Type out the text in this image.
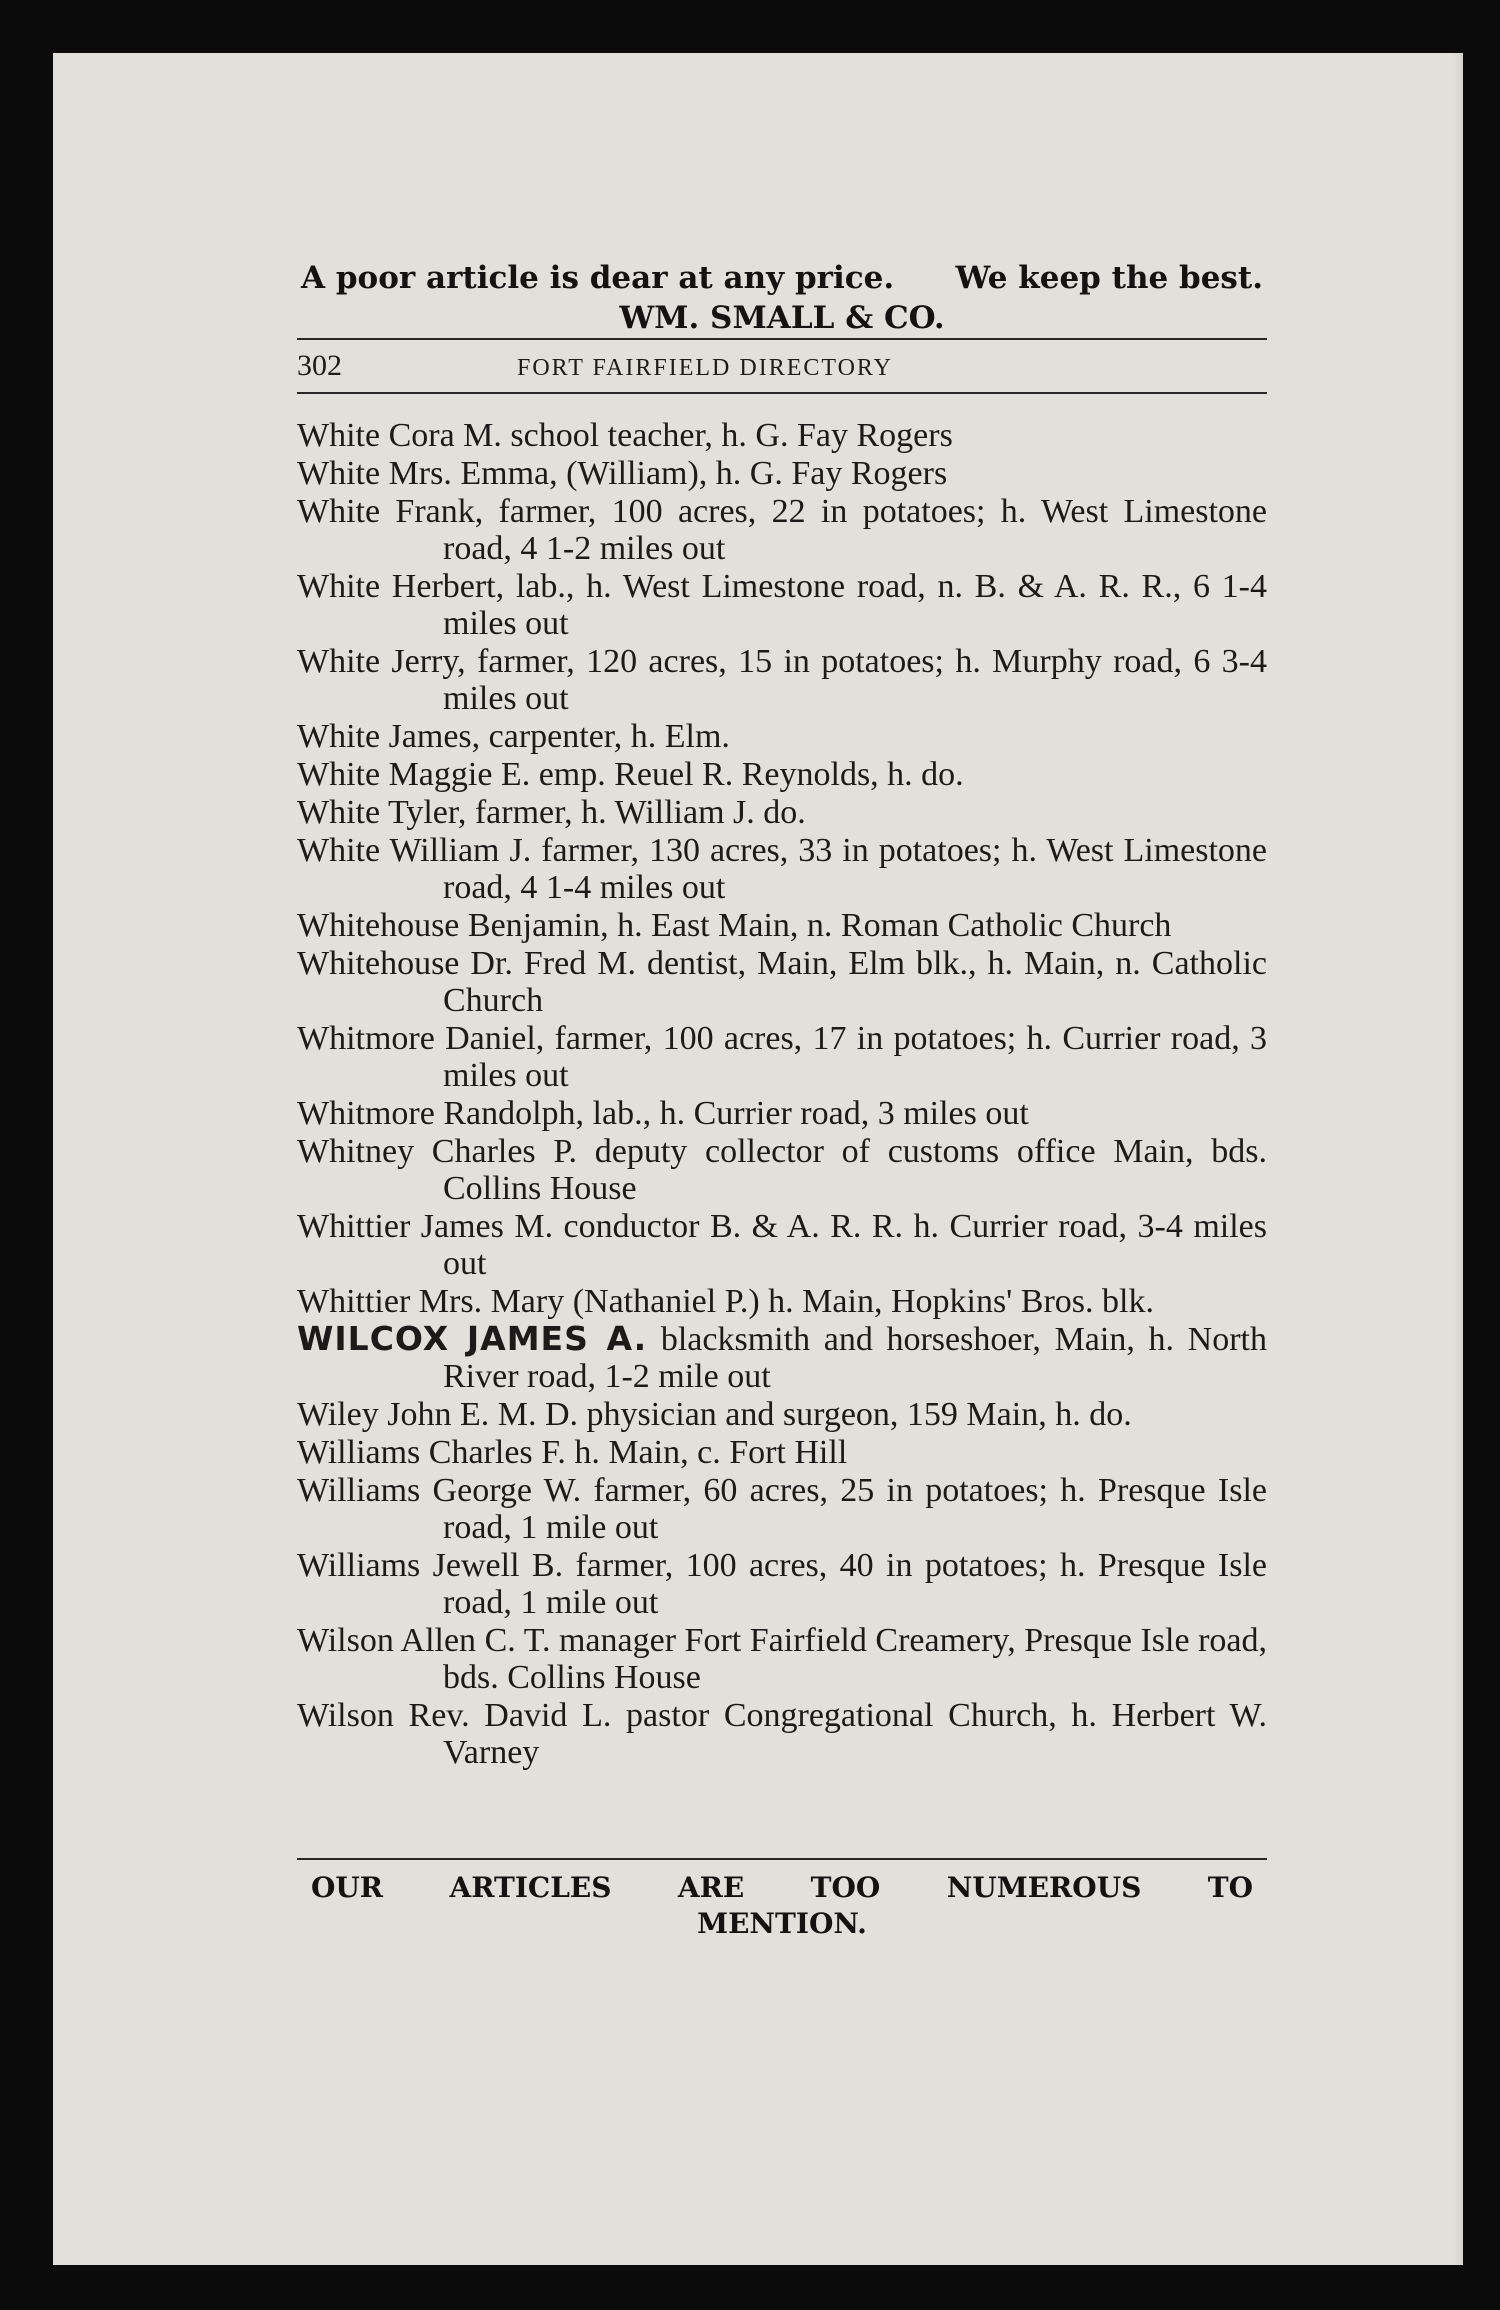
A poor article is dear at any price. We keep the best.
WM. SMALL & CO.
302	FORT FAIRFIELD DIRECTORY
White Cora M. school teacher, h. G. Fay Rogers
White Mrs. Emma, (William), h. G. Fay Rogers
White Frank, farmer, 100 acres, 22 in potatoes; h. West Limestone road, 4 1-2 miles out
White Herbert, lab., h. West Limestone road, n. B. & A. R. R., 6 1-4 miles out
White Jerry, farmer, 120 acres, 15 in potatoes; h. Murphy road, 6 3-4 miles out
White James, carpenter, h. Elm.
White Maggie E. emp. Reuel R. Reynolds, h. do.
White Tyler, farmer, h. William J. do.
White William J. farmer, 130 acres, 33 in potatoes; h. West Limestone road, 4 1-4 miles out
Whitehouse Benjamin, h. East Main, n. Roman Catholic Church
Whitehouse Dr. Fred M. dentist, Main, Elm blk., h. Main, n. Catholic Church
Whitmore Daniel, farmer, 100 acres, 17 in potatoes; h. Currier road, 3 miles out
Whitmore Randolph, lab., h. Currier road, 3 miles out
Whitney Charles P. deputy collector of customs office Main, bds. Collins House
Whittier James M. conductor B. & A. R. R. h. Currier road, 3-4 miles out
Whittier Mrs. Mary (Nathaniel P.) h. Main, Hopkins' Bros. blk.
WILCOX JAMES A. blacksmith and horseshoer, Main, h. North River road, 1-2 mile out
Wiley John E. M. D. physician and surgeon, 159 Main, h. do.
Williams Charles F. h. Main, c. Fort Hill
Williams George W. farmer, 60 acres, 25 in potatoes; h. Presque Isle road, 1 mile out
Williams Jewell B. farmer, 100 acres, 40 in potatoes; h. Presque Isle road, 1 mile out
Wilson Allen C. T. manager Fort Fairfield Creamery, Presque Isle road, bds. Collins House
Wilson Rev. David L. pastor Congregational Church, h. Herbert W. Varney
OUR ARTICLES ARE TOO NUMEROUS TO MENTION.
